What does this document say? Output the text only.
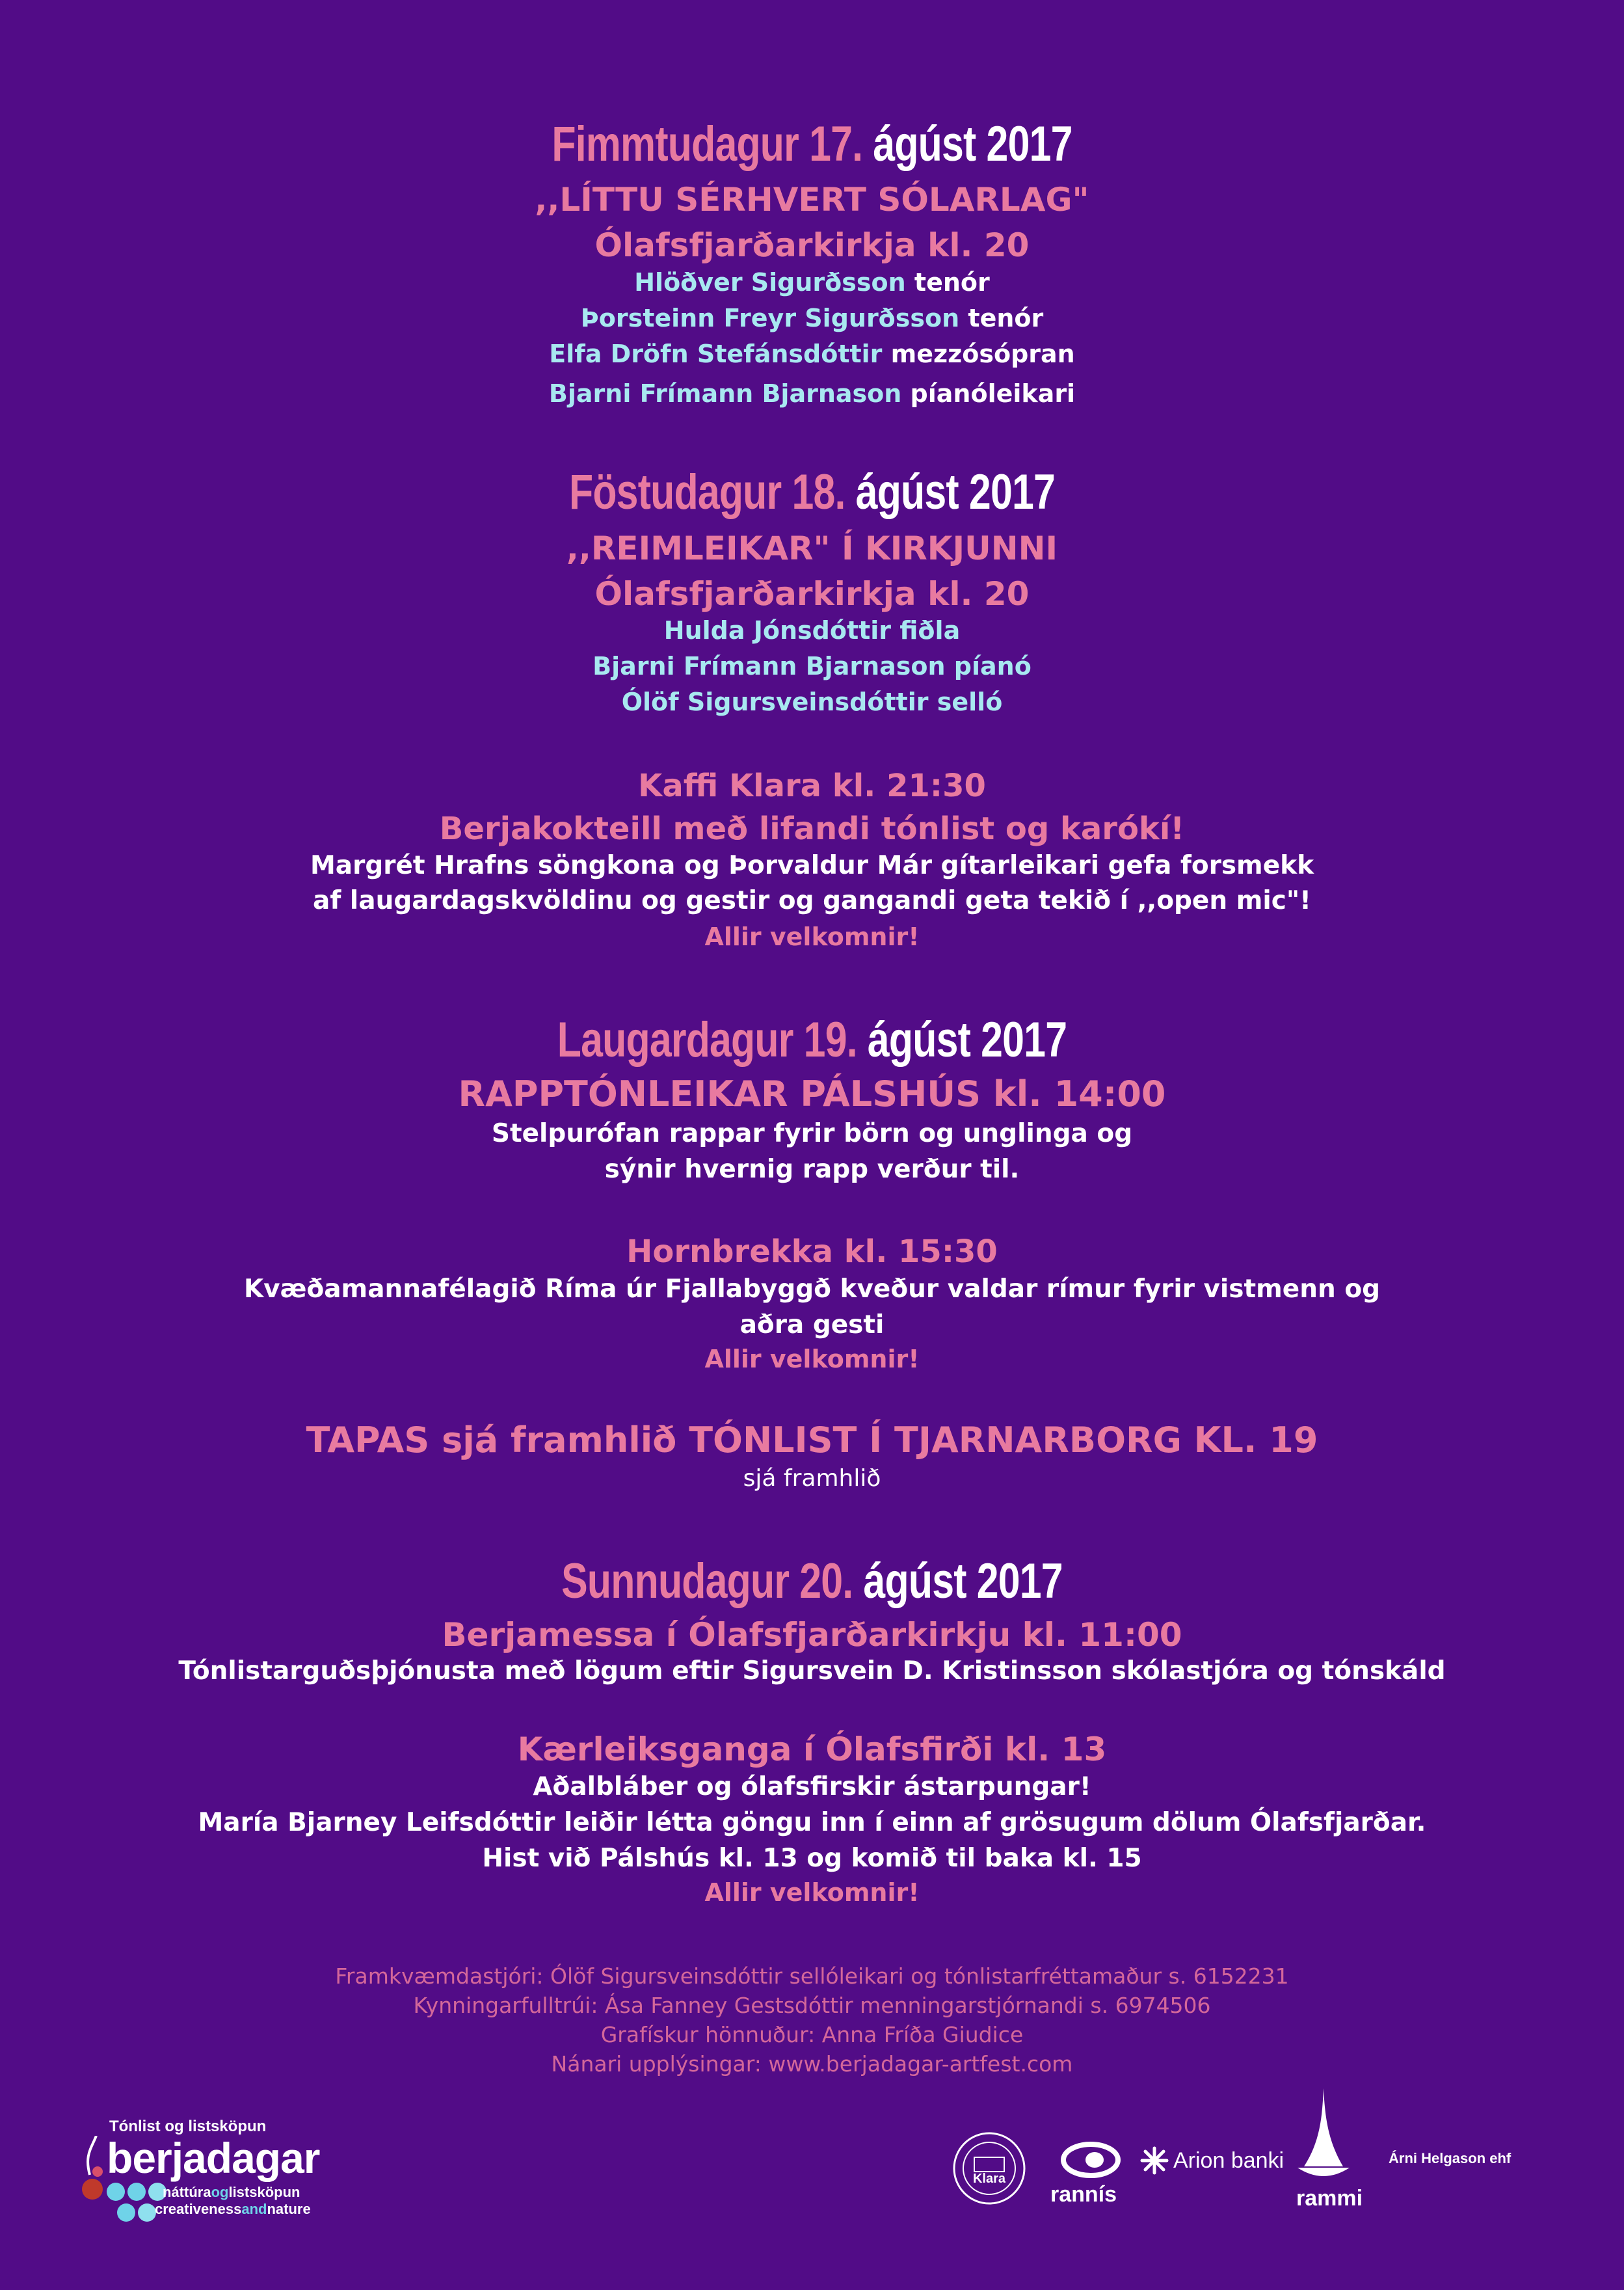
Fimmtudagur 17. ágúst 2017
,,LÍTTU SÉRHVERT SÓLARLAG"
Ólafsfjarðarkirkja kl. 20
Hlöðver Sigurðsson tenór
Þorsteinn Freyr Sigurðsson tenór
Elfa Dröfn Stefánsdóttir mezzósópran
Bjarni Frímann Bjarnason píanóleikari
Föstudagur 18. ágúst 2017
,,REIMLEIKAR" Í KIRKJUNNI
Ólafsfjarðarkirkja kl. 20
Hulda Jónsdóttir fiðla
Bjarni Frímann Bjarnason píanó
Ólöf Sigursveinsdóttir selló
Kaffi Klara kl. 21:30
Berjakokteill með lifandi tónlist og karókí!
Margrét Hrafns söngkona og Þorvaldur Már gítarleikari gefa forsmekk
af laugardagskvöldinu og gestir og gangandi geta tekið í ,,open mic"!
Allir velkomnir!
Laugardagur 19. ágúst 2017
RAPPTÓNLEIKAR PÁLSHÚS kl. 14:00
Stelpurófan rappar fyrir börn og unglinga og
sýnir hvernig rapp verður til.
Hornbrekka kl. 15:30
Kvæðamannafélagið Ríma úr Fjallabyggð kveður valdar rímur fyrir vistmenn og
aðra gesti
Allir velkomnir!
TAPAS sjá framhlið TÓNLIST Í TJARNARBORG KL. 19
sjá framhlið
Sunnudagur 20. ágúst 2017
Berjamessa í Ólafsfjarðarkirkju kl. 11:00
Tónlistarguðsþjónusta með lögum eftir Sigursvein D. Kristinsson skólastjóra og tónskáld
Kærleiksganga í Ólafsfirði kl. 13
Aðalbláber og ólafsfirskir ástarpungar!
María Bjarney Leifsdóttir leiðir létta göngu inn í einn af grösugum dölum Ólafsfjarðar.
Hist við Pálshús kl. 13 og komið til baka kl. 15
Allir velkomnir!
Framkvæmdastjóri: Ólöf Sigursveinsdóttir sellóleikari og tónlistarfréttamaður s. 6152231
Kynningarfulltrúi: Ása Fanney Gestsdóttir menningarstjórnandi s. 6974506
Grafískur hönnuður: Anna Fríða Giudice
Nánari upplýsingar: www.berjadagar-artfest.com
Tónlist og listsköpun
berjadagar
náttúraoglistsköpun
creativenessandnature
Klara
rannís
Arion banki
rammi
Árni Helgason ehf
